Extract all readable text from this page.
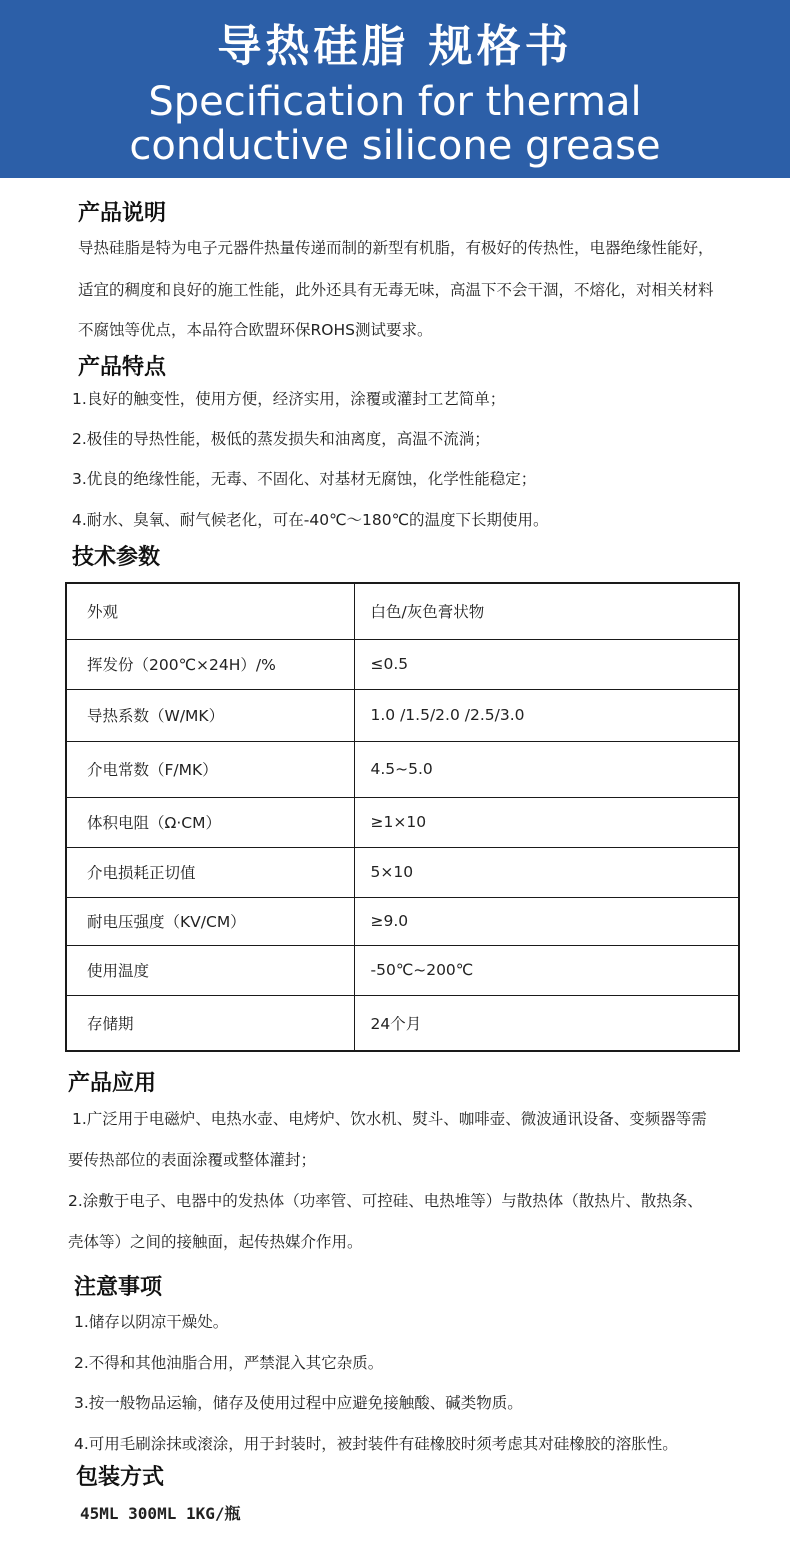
导热硅脂 规格书
Specification for thermal
conductive silicone grease
产品说明
导热硅脂是特为电子元器件热量传递而制的新型有机脂，有极好的传热性，电器绝缘性能好，
适宜的稠度和良好的施工性能，此外还具有无毒无味，高温下不会干涸，不熔化，对相关材料
不腐蚀等优点，本品符合欧盟环保ROHS测试要求。
产品特点
1.良好的触变性，使用方便，经济实用，涂覆或灌封工艺简单；
2.极佳的导热性能，极低的蒸发损失和油离度，高温不流淌；
3.优良的绝缘性能，无毒、不固化、对基材无腐蚀，化学性能稳定；
4.耐水、臭氧、耐气候老化，可在-40℃～180℃的温度下长期使用。
技术参数
外观	白色/灰色膏状物
挥发份（200℃×24H）/%	≤0.5
导热系数（W/MK）	1.0 /1.5/2.0 /2.5/3.0
介电常数（F/MK）	4.5~5.0
体积电阻（Ω·CM）	≥1×10
介电损耗正切值	5×10
耐电压强度（KV/CM）	≥9.0
使用温度	-50℃~200℃
存储期	24个月
产品应用
1.广泛用于电磁炉、电热水壶、电烤炉、饮水机、熨斗、咖啡壶、微波通讯设备、变频器等需
要传热部位的表面涂覆或整体灌封；
2.涂敷于电子、电器中的发热体（功率管、可控硅、电热堆等）与散热体（散热片、散热条、
壳体等）之间的接触面，起传热媒介作用。
注意事项
1.储存以阴凉干燥处。
2.不得和其他油脂合用，严禁混入其它杂质。
3.按一般物品运输，储存及使用过程中应避免接触酸、碱类物质。
4.可用毛刷涂抹或滚涂，用于封装时，被封装件有硅橡胶时须考虑其对硅橡胶的溶胀性。
包装方式
45ML 300ML 1KG/瓶
